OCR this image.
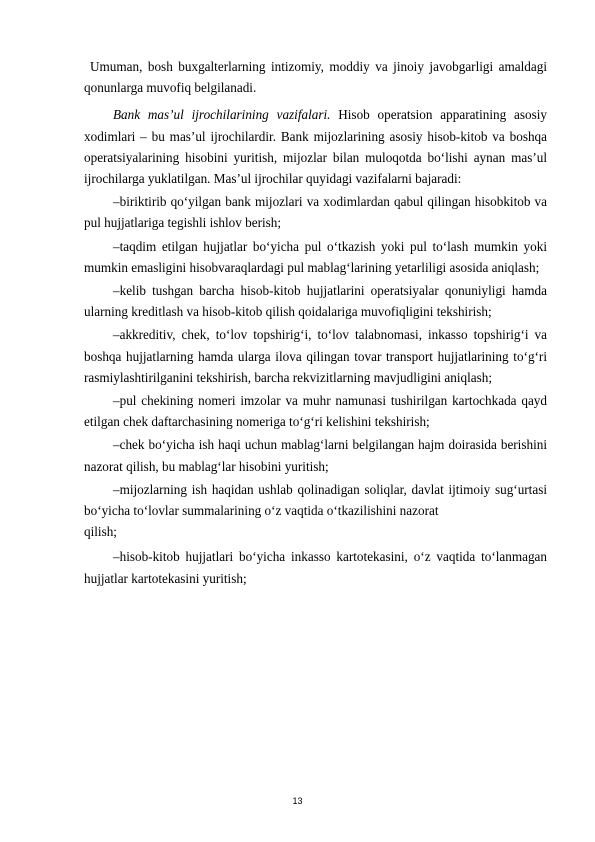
Umuman, bosh buxgalterlarning intizomiy, moddiy va jinoiy javobgarligi amaldagi qonunlarga muvofiq belgilanadi.

Bank mas’ul ijrochilarining vazifalari. Hisob operatsion apparatining asosiy xodimlari – bu mas’ul ijrochilardir. Bank mijozlarining asosiy hisob-kitob va boshqa operatsiyalarining hisobini yuritish, mijozlar bilan muloqotda bo‘lishi aynan mas’ul ijrochilarga yuklatilgan. Mas’ul ijrochilar quyidagi vazifalarni bajaradi:

–biriktirib qo‘yilgan bank mijozlari va xodimlardan qabul qilingan hisobkitob va pul hujjatlariga tegishli ishlov berish;

–taqdim etilgan hujjatlar bo‘yicha pul o‘tkazish yoki pul to‘lash mumkin yoki mumkin emasligini hisobvaraqlardagi pul mablag‘larining yetarliligi asosida aniqlash;

–kelib tushgan barcha hisob-kitob hujjatlarini operatsiyalar qonuniyligi hamda ularning kreditlash va hisob-kitob qilish qoidalariga muvofiqligini tekshirish;

–akkreditiv, chek, to‘lov topshirig‘i, to‘lov talabnomasi, inkasso topshirig‘i va boshqa hujjatlarning hamda ularga ilova qilingan tovar transport hujjatlarining to‘g‘ri rasmiylashtirilganini tekshirish, barcha rekvizitlarning mavjudligini aniqlash;

–pul chekining nomeri imzolar va muhr namunasi tushirilgan kartochkada qayd etilgan chek daftarchasining nomeriga to‘g‘ri kelishini tekshirish;

–chek bo‘yicha ish haqi uchun mablag‘larni belgilangan hajm doirasida berishini nazorat qilish, bu mablag‘lar hisobini yuritish;

–mijozlarning ish haqidan ushlab qolinadigan soliqlar, davlat ijtimoiy sug‘urtasi bo‘yicha to‘lovlar summalarining o‘z vaqtida o‘tkazilishini nazorat

qilish;

–hisob-kitob hujjatlari bo‘yicha inkasso kartotekasini, o‘z vaqtida to‘lanmagan hujjatlar kartotekasini yuritish;

13
